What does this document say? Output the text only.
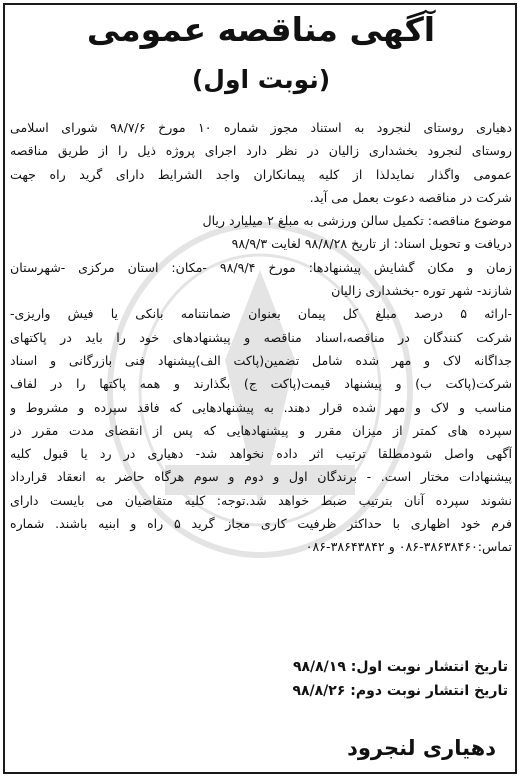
آگهی مناقصه عمومی
(نوبت اول)
دهیاری روستای لنجرود به استناد مجوز شماره ۱۰ مورخ ۹۸/۷/۶ شورای اسلامی
روستای لنجرود بخشداری زالیان در نظر دارد اجرای پروژه ذیل را از طریق مناقصه
عمومی واگذار نمایدلذا از کلیه پیمانکاران واجد الشرایط دارای گرید راه جهت
شرکت در مناقصه دعوت بعمل می آید.
موضوع مناقصه: تکمیل سالن ورزشی به مبلغ ۲ میلیارد ریال
دریافت و تحویل اسناد: از تاریخ ۹۸/۸/۲۸ لغایت ۹۸/۹/۳
زمان و مکان گشایش پیشنهادها: مورخ ۹۸/۹/۴ -مکان: استان مرکزی -شهرستان
شازند- شهر توره -بخشداری زالیان
-ارائه ۵ درصد مبلغ کل پیمان بعنوان ضمانتنامه بانکی یا فیش واریزی-
شرکت کنندگان در مناقصه،اسناد مناقصه و پیشنهادهای خود را باید در پاکتهای
جداگانه لاک و مهر شده شامل تضمین(پاکت الف)پیشنهاد فنی بازرگانی و اسناد
شرکت(پاکت ب) و پیشنهاد قیمت(پاکت ج) بگذارند و همه پاکتها را در لفاف
مناسب و لاک و مهر شده قرار دهند. به پیشنهادهایی که فاقد سپرده و مشروط و
سپرده های کمتر از میزان مقرر و پیشنهادهایی که پس از انقضای مدت مقرر در
آگهی واصل شودمطلقا ترتیب اثر داده نخواهد شد- دهیاری در رد یا قبول کلیه
پیشنهادات مختار است. - برندگان اول و دوم و سوم هرگاه حاضر به انعقاد قرارداد
نشوند سپرده آنان بترتیب ضبط خواهد شد.توجه: کلیه متقاضیان می بایست دارای
فرم خود اظهاری با حداکثر ظرفیت کاری مجاز گرید ۵ راه و ابنیه باشند. شماره
تماس:۳۸۶۳۸۴۶۰-۰۸۶ و ۳۸۶۴۳۸۴۲-۰۸۶
تاریخ انتشار نوبت اول: ۹۸/۸/۱۹
تاریخ انتشار نوبت دوم: ۹۸/۸/۲۶
دهیاری لنجرود
